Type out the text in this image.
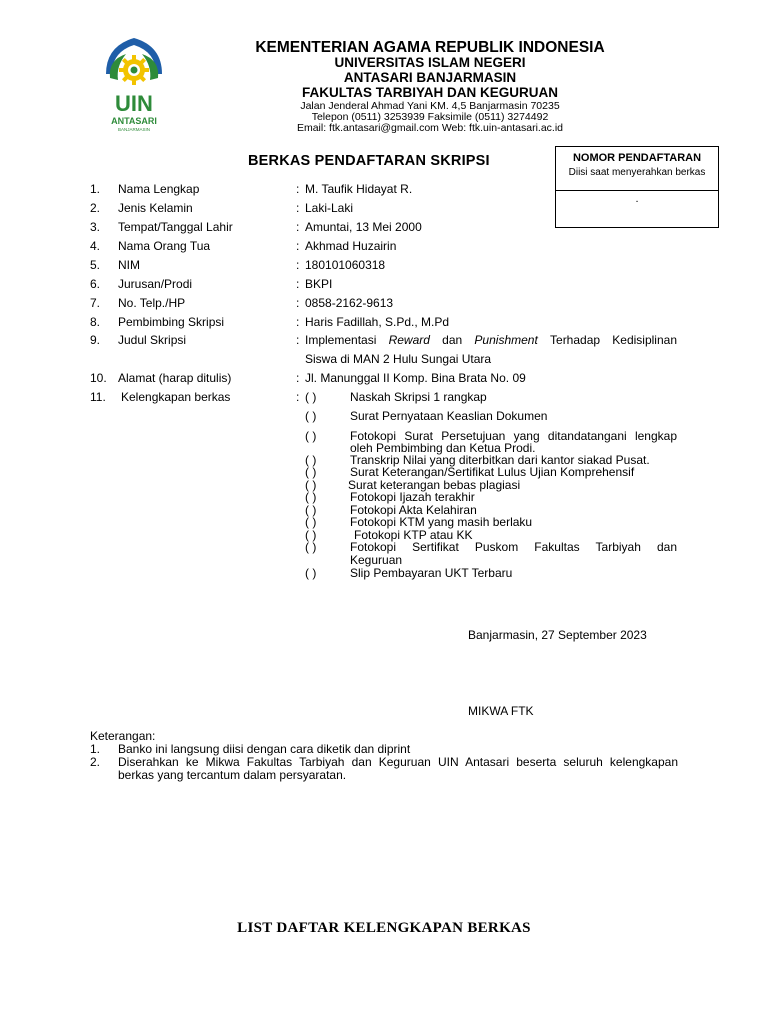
UIN
ANTASARI
BANJARMASIN
KEMENTERIAN AGAMA REPUBLIK INDONESIA
UNIVERSITAS ISLAM NEGERI
ANTASARI BANJARMASIN
FAKULTAS TARBIYAH DAN KEGURUAN
Jalan Jenderal Ahmad Yani KM. 4,5 Banjarmasin 70235
Telepon (0511) 3253939 Faksimile (0511) 3274492
Email: ftk.antasari@gmail.com Web: ftk.uin-antasari.ac.id
BERKAS PENDAFTARAN SKRIPSI	NOMOR PENDAFTARAN
Diisi saat menyerahkan berkas
.
1. Nama Lengkap	: M. Taufik Hidayat R.
2. Jenis Kelamin	: Laki-Laki
3. Tempat/Tanggal Lahir	: Amuntai, 13 Mei 2000
4. Nama Orang Tua	: Akhmad Huzairin
5. NIM	: 180101060318
6. Jurusan/Prodi	: BKPI
7. No. Telp./HP	: 0858-2162-9613
8. Pembimbing Skripsi	: Haris Fadillah, S.Pd., M.Pd
9. Judul Skripsi	: Implementasi Reward dan Punishment Terhadap Kedisiplinan
Siswa di MAN 2 Hulu Sungai Utara
10. Alamat (harap ditulis)	: Jl. Manunggal II Komp. Bina Brata No. 09
11. Kelengkapan berkas	: ( )	Naskah Skripsi 1 rangkap
( )	Surat Pernyataan Keaslian Dokumen
( )	Fotokopi Surat Persetujuan yang ditandatangani lengkap
oleh Pembimbing dan Ketua Prodi.
( )	Transkrip Nilai yang diterbitkan dari kantor siakad Pusat.
( )	Surat Keterangan/Sertifikat Lulus Ujian Komprehensif
( )	Surat keterangan bebas plagiasi
( )	Fotokopi Ijazah terakhir
( )	Fotokopi Akta Kelahiran
( )	Fotokopi KTM yang masih berlaku
( )	Fotokopi KTP atau KK
( )	Fotokopi Sertifikat Puskom Fakultas Tarbiyah dan
Keguruan
( )	Slip Pembayaran UKT Terbaru
Banjarmasin, 27 September 2023
MIKWA FTK
Keterangan:
1. Banko ini langsung diisi dengan cara diketik dan diprint
2. Diserahkan ke Mikwa Fakultas Tarbiyah dan Keguruan UIN Antasari beserta seluruh kelengkapan
berkas yang tercantum dalam persyaratan.
LIST DAFTAR KELENGKAPAN BERKAS
